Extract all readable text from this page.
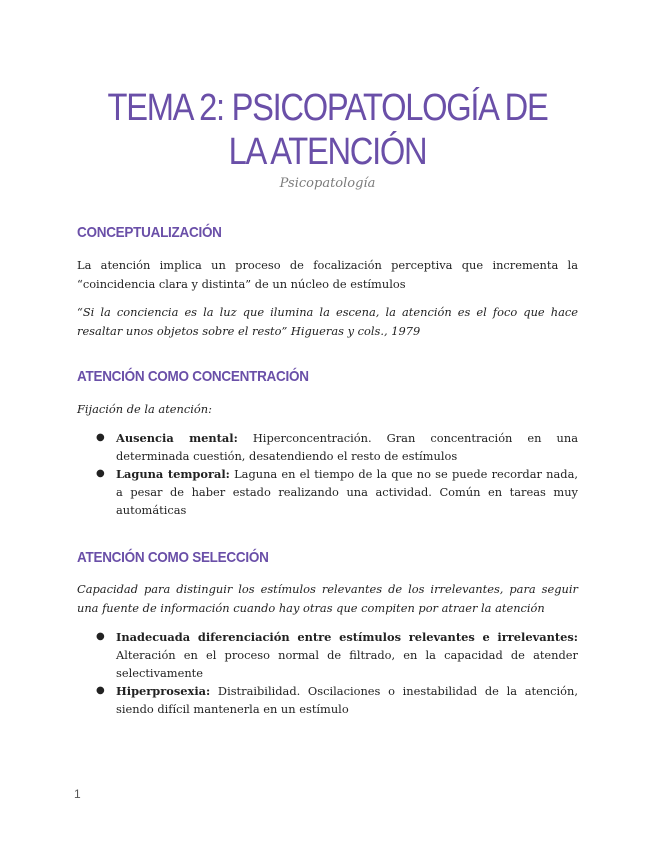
TEMA 2: PSICOPATOLOGÍA DE LA ATENCIÓN

Psicopatología

CONCEPTUALIZACIÓN

La atención implica un proceso de focalización perceptiva que incrementa la “coincidencia clara y distinta” de un núcleo de estímulos

“Si la conciencia es la luz que ilumina la escena, la atención es el foco que hace resaltar unos objetos sobre el resto” Higueras y cols., 1979

ATENCIÓN COMO CONCENTRACIÓN

Fijación de la atención:

● Ausencia mental: Hiperconcentración. Gran concentración en una determinada cuestión, desatendiendo el resto de estímulos
● Laguna temporal: Laguna en el tiempo de la que no se puede recordar nada, a pesar de haber estado realizando una actividad. Común en tareas muy automáticas
ATENCIÓN COMO SELECCIÓN

Capacidad para distinguir los estímulos relevantes de los irrelevantes, para seguir una fuente de información cuando hay otras que compiten por atraer la atención

● Inadecuada diferenciación entre estímulos relevantes e irrelevantes: Alteración en el proceso normal de filtrado, en la capacidad de atender selectivamente
● Hiperprosexia: Distraibilidad. Oscilaciones o inestabilidad de la atención, siendo difícil mantenerla en un estímulo
1
